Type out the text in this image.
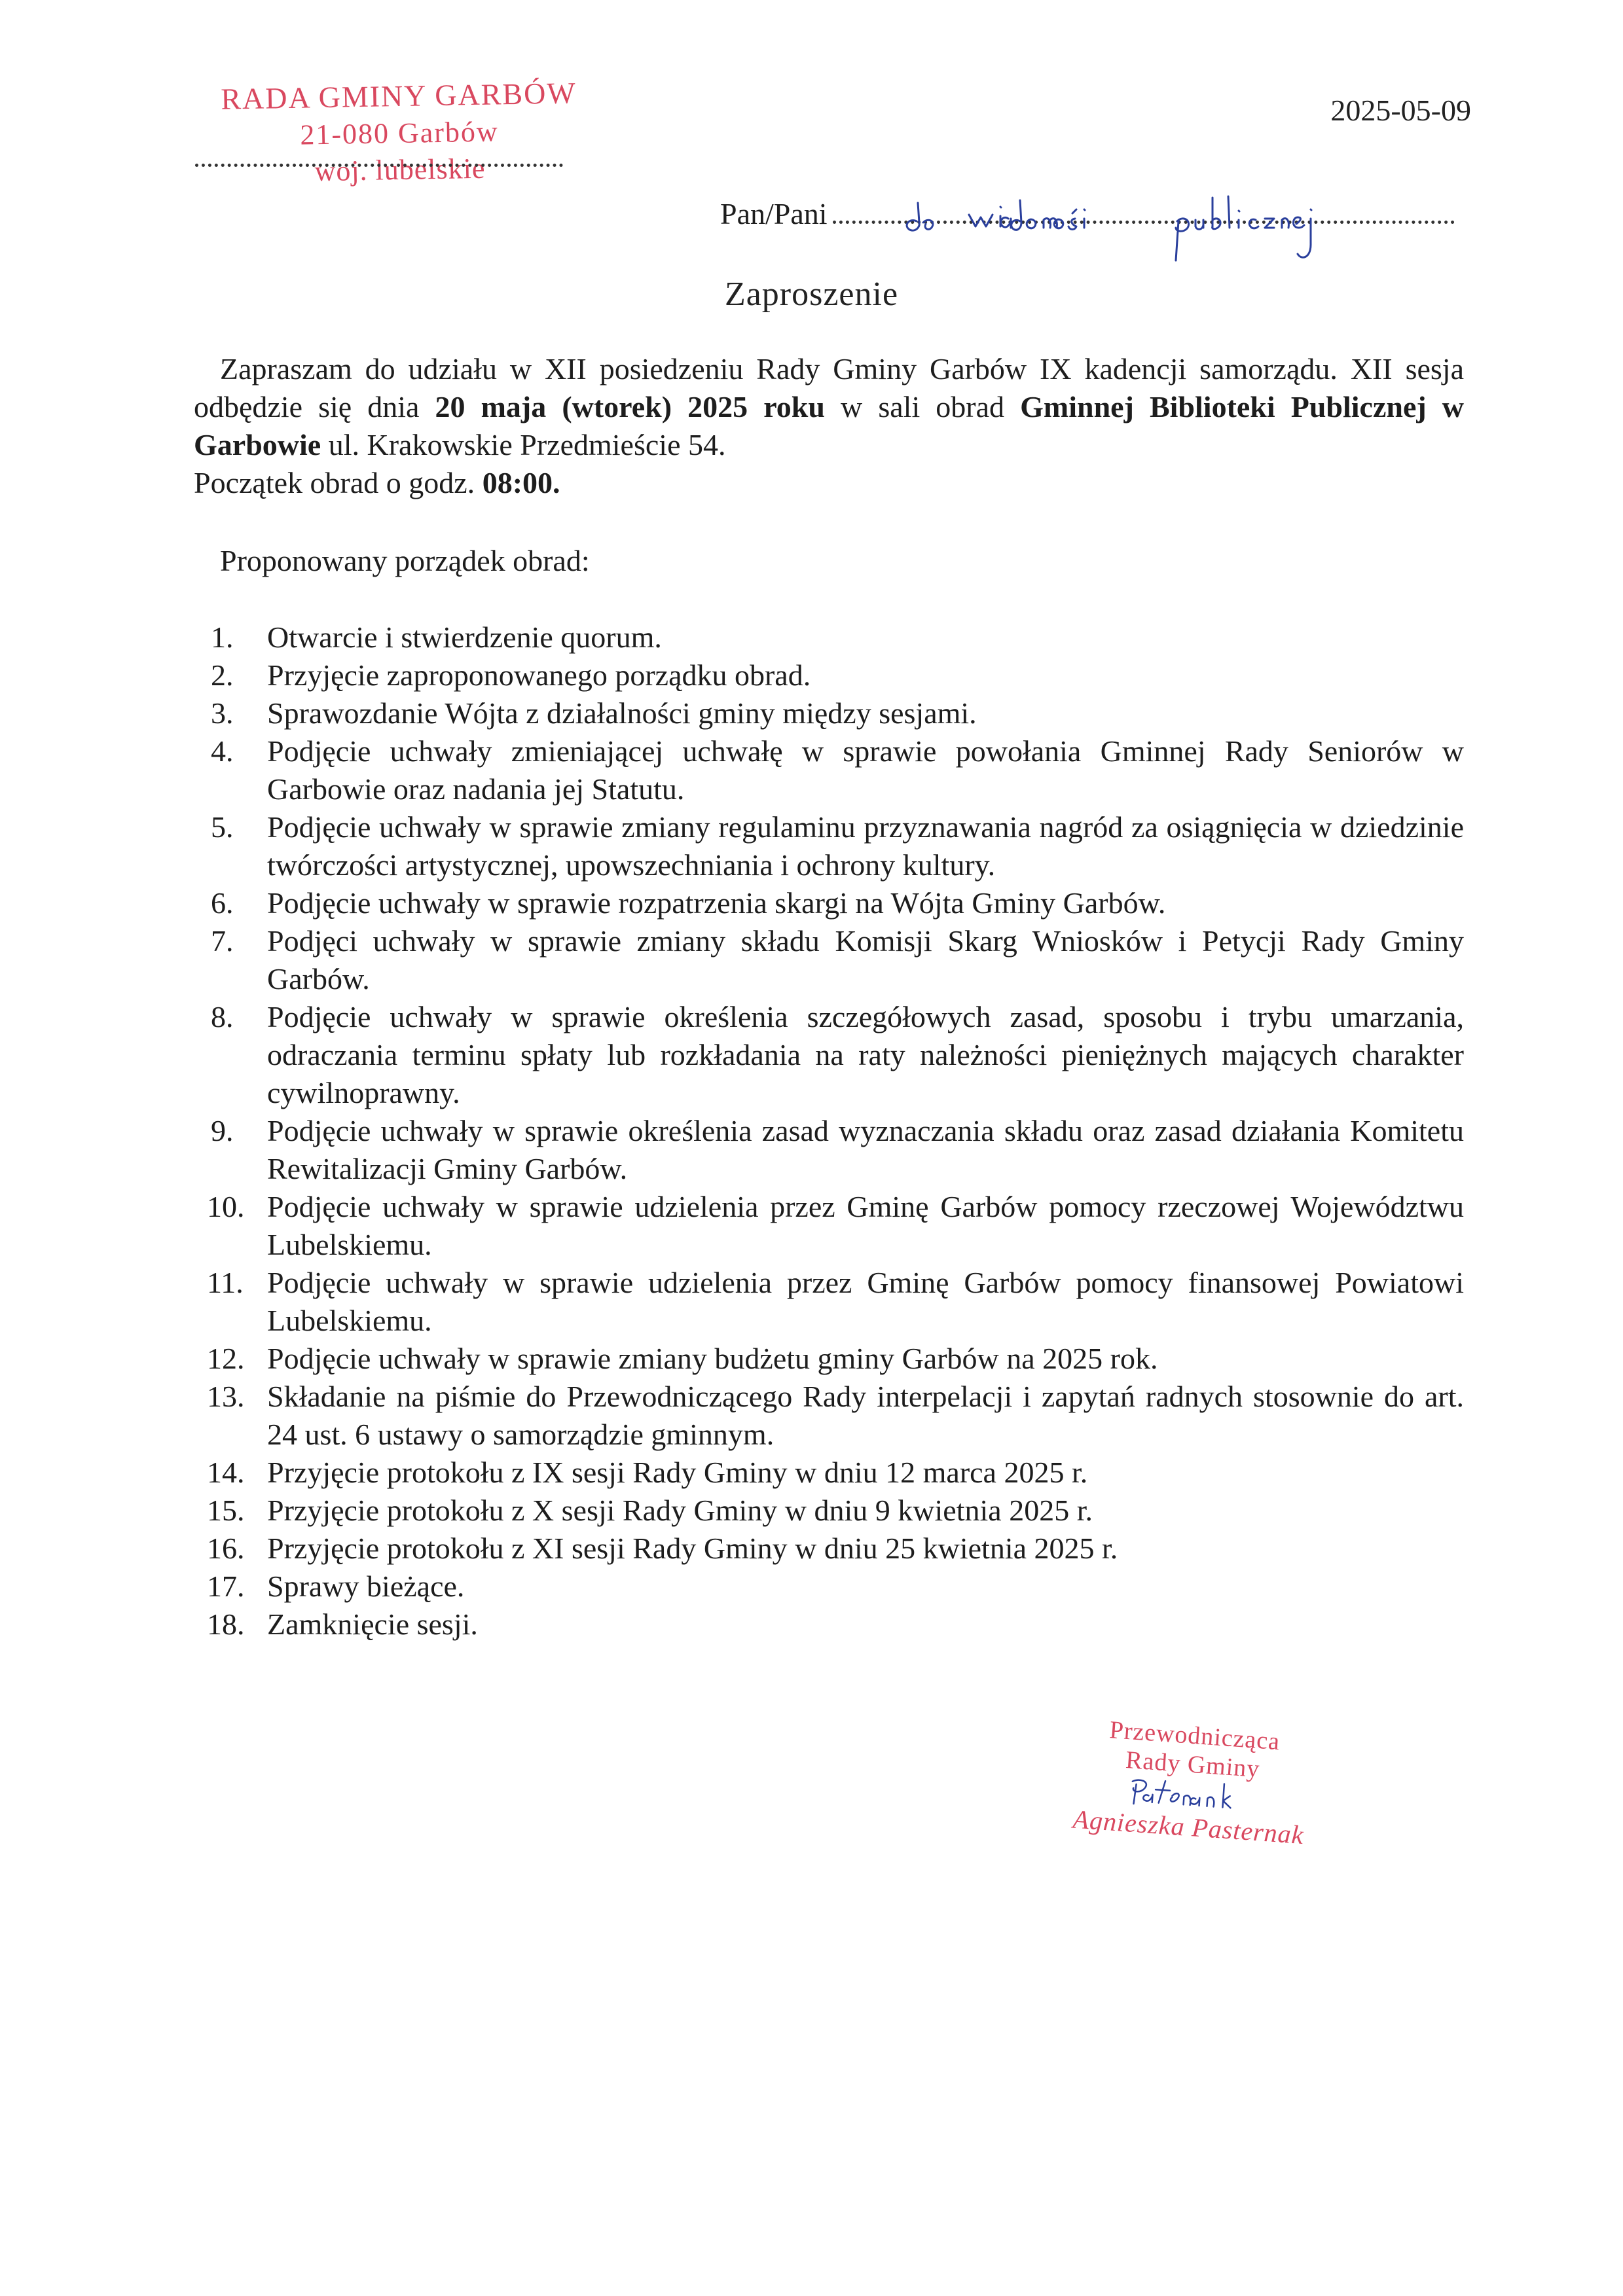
RADA GMINY GARBÓW
21-080 Garbów
woj. lubelskie
2025-05-09
Pan/Pani
Zaproszenie
Zapraszam do udziału w XII posiedzeniu Rady Gminy Garbów IX kadencji samorządu. XII sesja odbędzie się dnia 20 maja (wtorek) 2025 roku w sali obrad Gminnej Biblioteki Publicznej w Garbowie ul. Krakowskie Przedmieście 54.
Początek obrad o godz. 08:00.
Proponowany porządek obrad:
1. Otwarcie i stwierdzenie quorum.
2. Przyjęcie zaproponowanego porządku obrad.
3. Sprawozdanie Wójta z działalności gminy między sesjami.
4. Podjęcie uchwały zmieniającej uchwałę w sprawie powołania Gminnej Rady Seniorów w Garbowie oraz nadania jej Statutu.
5. Podjęcie uchwały w sprawie zmiany regulaminu przyznawania nagród za osiągnięcia w dziedzinie twórczości artystycznej, upowszechniania i ochrony kultury.
6. Podjęcie uchwały w sprawie rozpatrzenia skargi na Wójta Gminy Garbów.
7. Podjęci uchwały w sprawie zmiany składu Komisji Skarg Wniosków i Petycji Rady Gminy Garbów.
8. Podjęcie uchwały w sprawie określenia szczegółowych zasad, sposobu i trybu umarzania, odraczania terminu spłaty lub rozkładania na raty należności pieniężnych mających charakter cywilnoprawny.
9. Podjęcie uchwały w sprawie określenia zasad wyznaczania składu oraz zasad działania Komitetu Rewitalizacji Gminy Garbów.
10. Podjęcie uchwały w sprawie udzielenia przez Gminę Garbów pomocy rzeczowej Województwu Lubelskiemu.
11. Podjęcie uchwały w sprawie udzielenia przez Gminę Garbów pomocy finansowej Powiatowi Lubelskiemu.
12. Podjęcie uchwały w sprawie zmiany budżetu gminy Garbów na 2025 rok.
13. Składanie na piśmie do Przewodniczącego Rady interpelacji i zapytań radnych stosownie do art. 24 ust. 6 ustawy o samorządzie gminnym.
14. Przyjęcie protokołu z IX sesji Rady Gminy w dniu 12 marca 2025 r.
15. Przyjęcie protokołu z X sesji Rady Gminy w dniu 9 kwietnia 2025 r.
16. Przyjęcie protokołu z XI sesji Rady Gminy w dniu 25 kwietnia 2025 r.
17. Sprawy bieżące.
18. Zamknięcie sesji.
Przewodnicząca
Rady Gminy
Agnieszka Pasternak
